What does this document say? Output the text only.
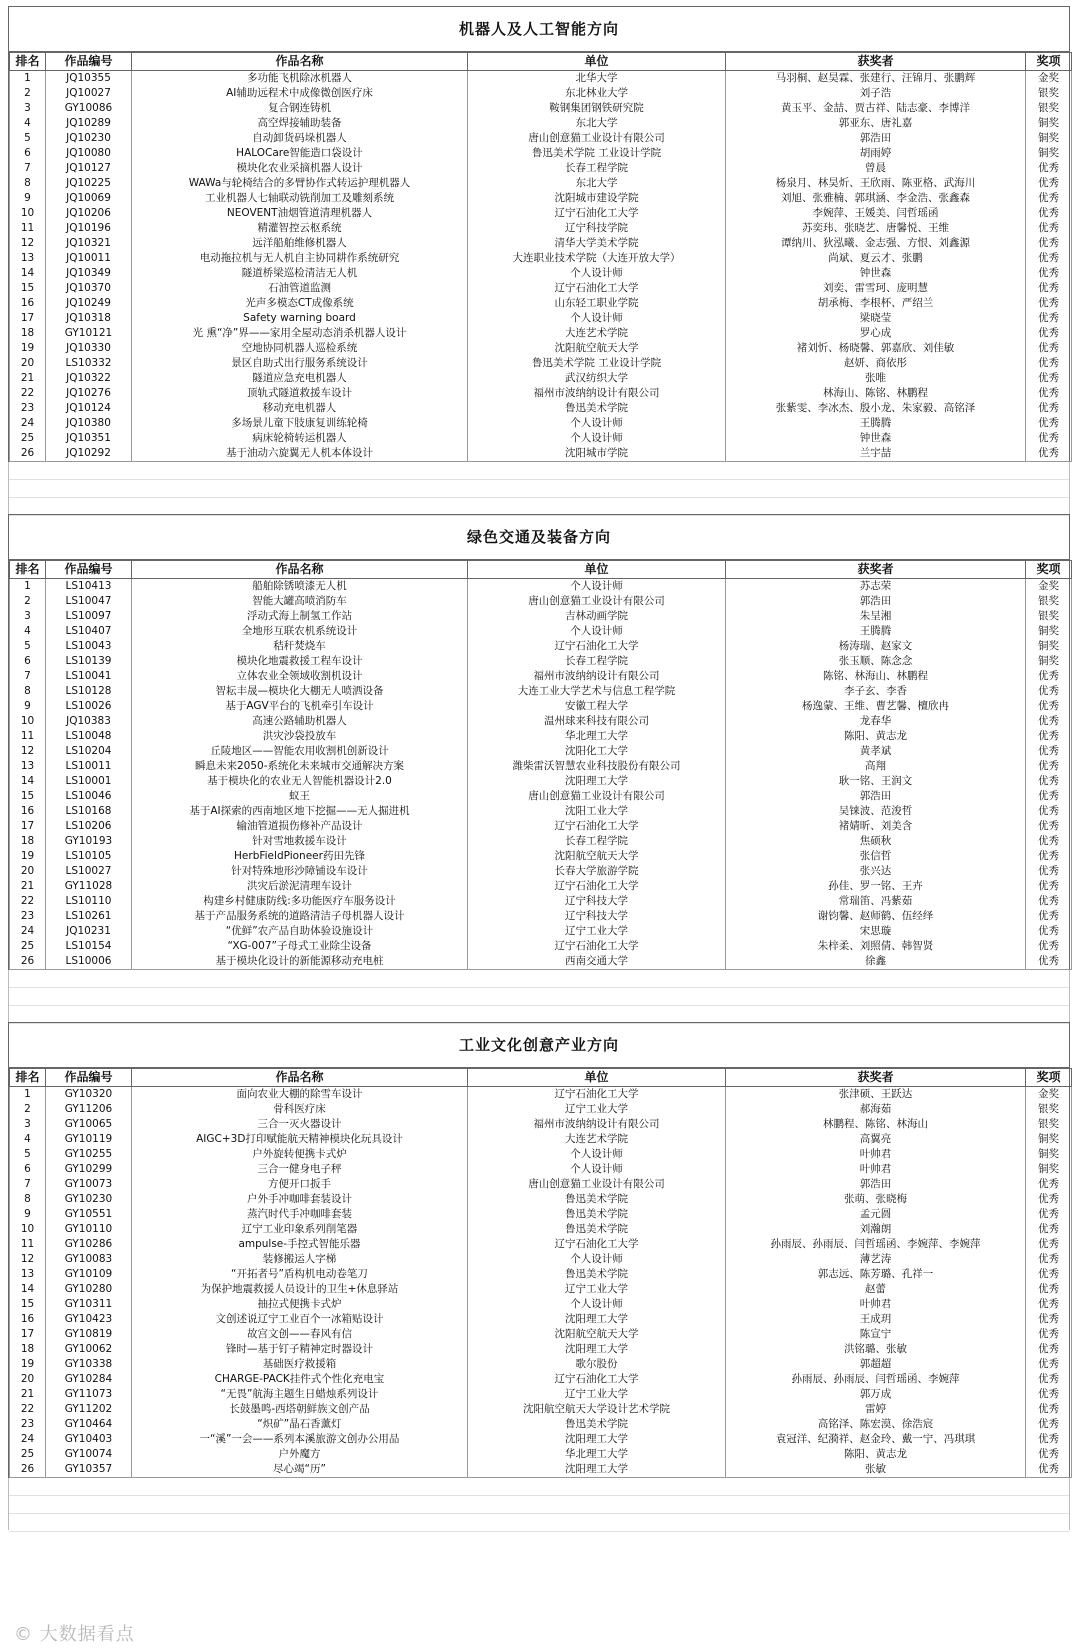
机器人及人工智能方向
排名	作品编号	作品名称	单位	获奖者	奖项
1	JQ10355	多功能飞机除冰机器人	北华大学	马羽桐、赵昊霖、张建行、汪锦月、张鹏辉	金奖
2	JQ10027	AI辅助远程术中成像微创医疗床	东北林业大学	刘子浩	银奖
3	GY10086	复合钢连铸机	鞍钢集团钢铁研究院	黄玉平、金喆、贾古祥、陆志豪、李博洋	银奖
4	JQ10289	高空焊接辅助装备	东北大学	郭亚东、唐礼嘉	铜奖
5	JQ10230	自动卸货码垛机器人	唐山创意猫工业设计有限公司	郭浩田	铜奖
6	JQ10080	HALOCare智能造口袋设计	鲁迅美术学院 工业设计学院	胡雨婷	铜奖
7	JQ10127	模块化农业采摘机器人设计	长春工程学院	曾晨	优秀
8	JQ10225	WAWa与轮椅结合的多臂协作式转运护理机器人	东北大学	杨泉月、林昊炘、王欣雨、陈亚格、武海川	优秀
9	JQ10069	工业机器人七轴联动铣削加工及雕刻系统	沈阳城市建设学院	刘旭、张雅楠、郭琪涵、李金浩、张鑫森	优秀
10	JQ10206	NEOVENT油烟管道清理机器人	辽宁石油化工大学	李婉萍、王媛美、闫哲瑶函	优秀
11	JQ10196	精灌智控云枢系统	辽宁科技学院	苏奕玮、张晓艺、唐馨悦、王维	优秀
12	JQ10321	远洋船舶维修机器人	清华大学美术学院	谭纳川、狄泓曦、金志强、方恨、刘鑫源	优秀
13	JQ10011	电动拖拉机与无人机自主协同耕作系统研究	大连职业技术学院（大连开放大学）	尚斌、夏云才、张鹏	优秀
14	JQ10349	隧道桥梁巡检清洁无人机	个人设计师	钟世森	优秀
15	JQ10370	石油管道监测	辽宁石油化工大学	刘奕、雷雪珂、庞明慧	优秀
16	JQ10249	光声多模态CT成像系统	山东轻工职业学院	胡承梅、李根杯、严绍兰	优秀
17	JQ10318	Safety warning board	个人设计师	梁晓莹	优秀
18	GY10121	光 熏“净”界——家用全屋动态消杀机器人设计	大连艺术学院	罗心成	优秀
19	JQ10330	空地协同机器人巡检系统	沈阳航空航天大学	褚刘忻、杨晓馨、郭嘉欣、刘佳敏	优秀
20	LS10332	景区自助式出行服务系统设计	鲁迅美术学院 工业设计学院	赵妍、商依彤	优秀
21	JQ10322	隧道应急充电机器人	武汉纺织大学	张唯	优秀
22	JQ10276	顶轨式隧道救援车设计	福州市波纳纳设计有限公司	林海山、陈铭、林鹏程	优秀
23	JQ10124	移动充电机器人	鲁迅美术学院	张紫雯、李冰杰、殷小龙、朱家毅、高铭泽	优秀
24	JQ10380	多场景儿童下肢康复训练轮椅	个人设计师	王腾腾	优秀
25	JQ10351	病床轮椅转运机器人	个人设计师	钟世森	优秀
26	JQ10292	基于油动六旋翼无人机本体设计	沈阳城市学院	兰宇喆	优秀
绿色交通及装备方向
排名	作品编号	作品名称	单位	获奖者	奖项
1	LS10413	船舶除锈喷漆无人机	个人设计师	苏志荣	金奖
2	LS10047	智能大罐高喷消防车	唐山创意猫工业设计有限公司	郭浩田	银奖
3	LS10097	浮动式海上制氢工作站	吉林动画学院	朱呈湘	银奖
4	LS10407	全地形互联农机系统设计	个人设计师	王腾腾	铜奖
5	LS10043	秸秆焚烧车	辽宁石油化工大学	杨涛瑞、赵家文	铜奖
6	LS10139	模块化地震救援工程车设计	长春工程学院	张玉顺、陈念念	铜奖
7	LS10041	立体农业全领域收割机设计	福州市波纳纳设计有限公司	陈铭、林海山、林鹏程	优秀
8	LS10128	智耘丰晟—模块化大棚无人喷洒设备	大连工业大学艺术与信息工程学院	李子玄、李香	优秀
9	LS10026	基于AGV平台的飞机牵引车设计	安徽工程大学	杨逸蒙、王维、曹艺馨、檀欣冉	优秀
10	JQ10383	高速公路辅助机器人	温州球来科技有限公司	龙春华	优秀
11	LS10048	洪灾沙袋投放车	华北理工大学	陈阳、黄志龙	优秀
12	LS10204	丘陵地区——智能农用收割机创新设计	沈阳化工大学	黄孝斌	优秀
13	LS10011	瞬息未来2050-系统化未来城市交通解决方案	潍柴雷沃智慧农业科技股份有限公司	高翔	优秀
14	LS10001	基于模块化的农业无人智能机器设计2.0	沈阳理工大学	耿一铭、王润文	优秀
15	LS10046	蚁王	唐山创意猫工业设计有限公司	郭浩田	优秀
16	LS10168	基于AI探索的西南地区地下挖掘——无人掘进机	沈阳工业大学	吴铼波、范浚哲	优秀
17	LS10206	输油管道损伤修补产品设计	辽宁石油化工大学	褚婧昕、刘美含	优秀
18	GY10193	针对雪地救援车设计	长春工程学院	焦硕秋	优秀
19	LS10105	HerbFieldPioneer药田先锋	沈阳航空航天大学	张信哲	优秀
20	LS10027	针对特殊地形沙障铺设车设计	长春大学旅游学院	张兴达	优秀
21	GY11028	洪灾后淤泥清理车设计	辽宁石油化工大学	孙佳、罗一铭、王卉	优秀
22	LS10110	构建乡村健康防线:多功能医疗车服务设计	辽宁科技大学	常瑞笛、冯紫茹	优秀
23	LS10261	基于产品服务系统的道路清洁子母机器人设计	辽宁科技大学	谢钧馨、赵师鹤、伍经绎	优秀
24	JQ10231	“优鲜”农产品自助体验设施设计	辽宁工业大学	宋思璇	优秀
25	LS10154	“XG-007”子母式工业除尘设备	辽宁石油化工大学	朱梓柔、刘照倩、韩智贤	优秀
26	LS10006	基于模块化设计的新能源移动充电桩	西南交通大学	徐鑫	优秀
工业文化创意产业方向
排名	作品编号	作品名称	单位	获奖者	奖项
1	GY10320	面向农业大棚的除雪车设计	辽宁石油化工大学	张津硕、王跃达	金奖
2	GY11206	骨科医疗床	辽宁工业大学	郝海茹	银奖
3	GY10065	三合一灭火器设计	福州市波纳纳设计有限公司	林鹏程、陈铭、林海山	银奖
4	GY10119	AIGC+3D打印赋能航天精神模块化玩具设计	大连艺术学院	高翼亮	铜奖
5	GY10255	户外旋转便携卡式炉	个人设计师	叶帅君	铜奖
6	GY10299	三合一健身电子秤	个人设计师	叶帅君	铜奖
7	GY10073	方便开口扳手	唐山创意猫工业设计有限公司	郭浩田	优秀
8	GY10230	户外手冲咖啡套装设计	鲁迅美术学院	张萌、张晓梅	优秀
9	GY10551	蒸汽时代手冲咖啡套装	鲁迅美术学院	孟元圆	优秀
10	GY10110	辽宁工业印象系列削笔器	鲁迅美术学院	刘瀚朗	优秀
11	GY10286	ampulse-手控式智能乐器	辽宁石油化工大学	孙雨辰、孙雨辰、闫哲瑶函、李婉萍、李婉萍	优秀
12	GY10083	装修搬运人字梯	个人设计师	薄艺涛	优秀
13	GY10109	“开拓者号”盾构机电动卷笔刀	鲁迅美术学院	郭志远、陈芳璐、孔祥一	优秀
14	GY10280	为保护地震救援人员设计的卫生+休息驿站	辽宁工业大学	赵蕾	优秀
15	GY10311	抽拉式便携卡式炉	个人设计师	叶帅君	优秀
16	GY10423	文创述说辽宁工业百个一冰箱贴设计	沈阳理工大学	王成玥	优秀
17	GY10819	故宫文创——春风有信	沈阳航空航天大学	陈宣宁	优秀
18	GY10062	锋时—基于钉子精神定时器设计	沈阳理工大学	洪铭璐、张敏	优秀
19	GY10338	基础医疗救援箱	歌尔股份	郭超超	优秀
20	GY10284	CHARGE-PACK挂件式个性化充电宝	辽宁石油化工大学	孙雨辰、孙雨辰、闫哲瑶函、李婉萍	优秀
21	GY11073	“无畏”航海主题生日蜡烛系列设计	辽宁工业大学	郭万成	优秀
22	GY11202	长鼓墨鸣-西塔朝鲜族文创产品	沈阳航空航天大学设计艺术学院	雷婷	优秀
23	GY10464	“炽矿”晶石香薰灯	鲁迅美术学院	高铭泽、陈宏漠、徐浩宸	优秀
24	GY10403	一“溪”一会——系列本溪旅游文创办公用品	沈阳理工大学	袁冠洋、纪漪祥、赵金玲、戴一宁、冯琪琪	优秀
25	GY10074	户外魔方	华北理工大学	陈阳、黄志龙	优秀
26	GY10357	尽心竭“历”	沈阳理工大学	张敏	优秀
© 大数据看点
